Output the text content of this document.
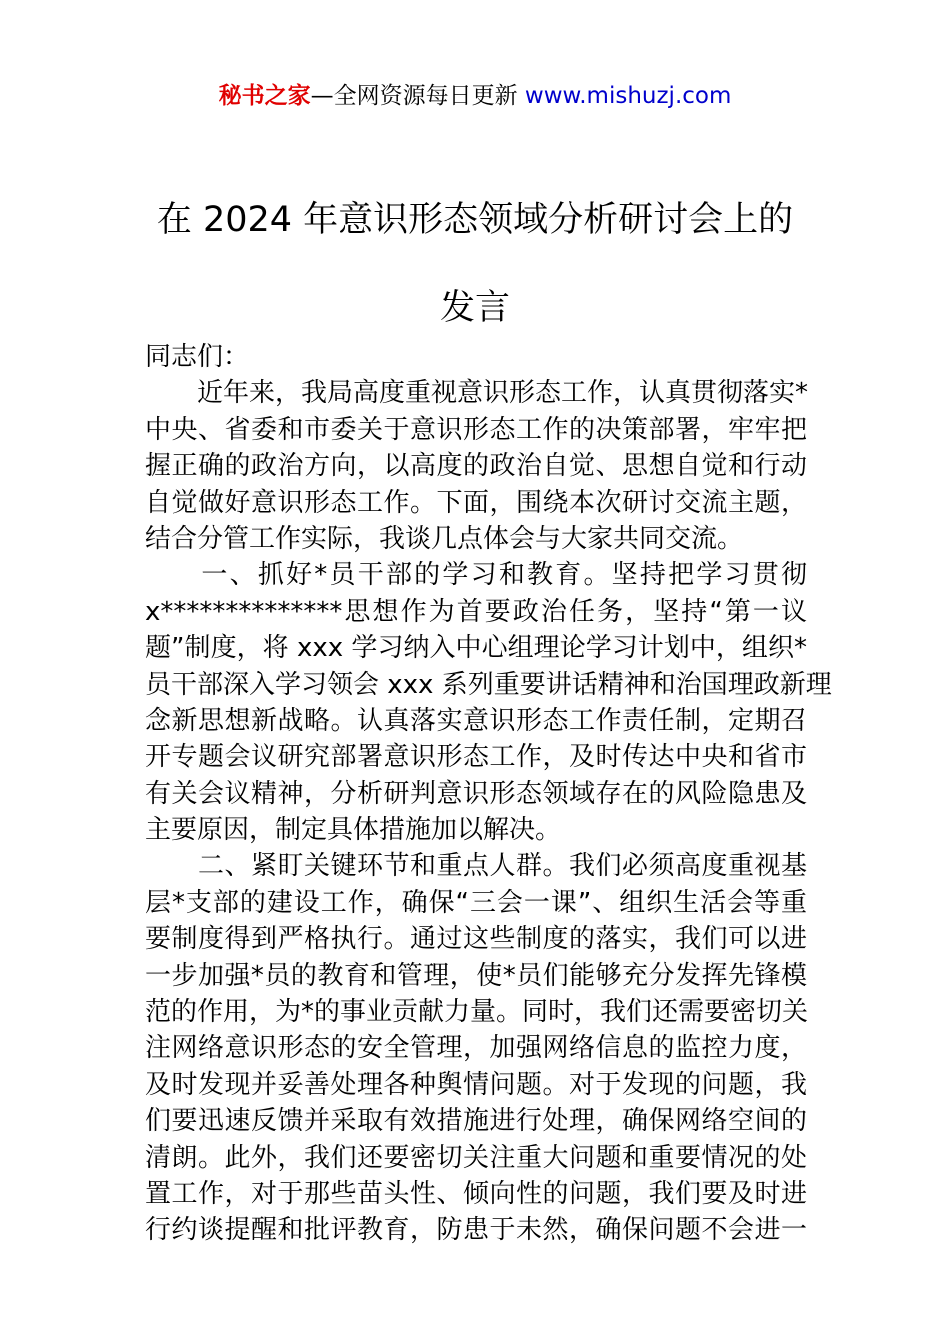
秘书之家—全网资源每日更新 www.mishuzj.com
在 2024 年意识形态领域分析研讨会上的
发言
同志们：
　　近年来，我局高度重视意识形态工作，认真贯彻落实*
中央、省委和市委关于意识形态工作的决策部署，牢牢把
握正确的政治方向，以高度的政治自觉、思想自觉和行动
自觉做好意识形态工作。下面，围绕本次研讨交流主题，
结合分管工作实际，我谈几点体会与大家共同交流。
　　一、抓好*员干部的学习和教育。坚持把学习贯彻
x**************思想作为首要政治任务，坚持“第一议
题”制度，将 xxx 学习纳入中心组理论学习计划中，组织*
员干部深入学习领会 xxx 系列重要讲话精神和治国理政新理
念新思想新战略。认真落实意识形态工作责任制，定期召
开专题会议研究部署意识形态工作，及时传达中央和省市
有关会议精神，分析研判意识形态领域存在的风险隐患及
主要原因，制定具体措施加以解决。
　　二、紧盯关键环节和重点人群。我们必须高度重视基
层*支部的建设工作，确保“三会一课”、组织生活会等重
要制度得到严格执行。通过这些制度的落实，我们可以进
一步加强*员的教育和管理，使*员们能够充分发挥先锋模
范的作用，为*的事业贡献力量。同时，我们还需要密切关
注网络意识形态的安全管理，加强网络信息的监控力度，
及时发现并妥善处理各种舆情问题。对于发现的问题，我
们要迅速反馈并采取有效措施进行处理，确保网络空间的
清朗。此外，我们还要密切关注重大问题和重要情况的处
置工作，对于那些苗头性、倾向性的问题，我们要及时进
行约谈提醒和批评教育，防患于未然，确保问题不会进一
